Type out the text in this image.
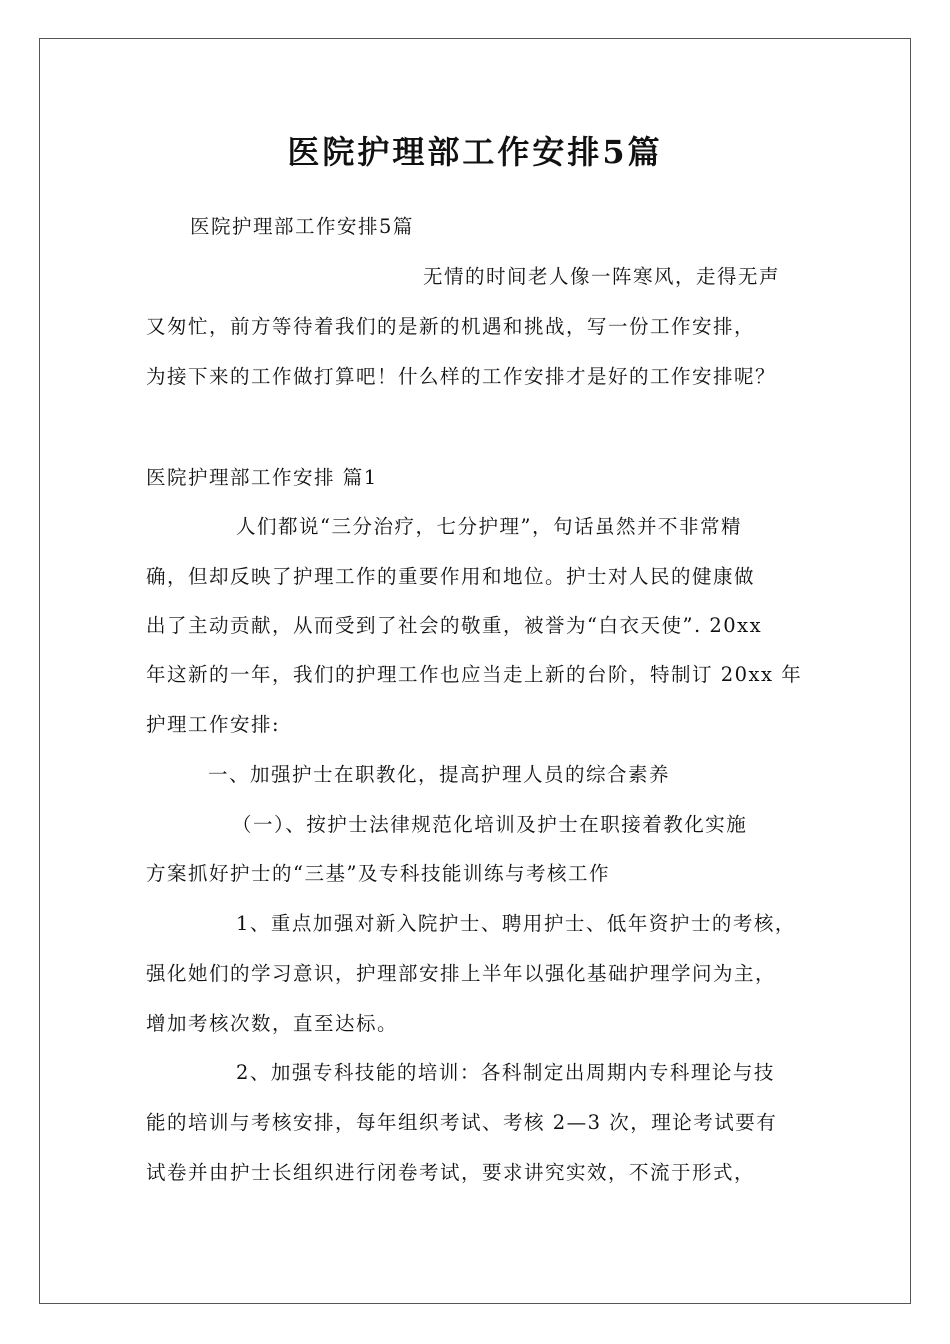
医院护理部工作安排5篇
医院护理部工作安排5篇
无情的时间老人像一阵寒风，走得无声
又匆忙，前方等待着我们的是新的机遇和挑战，写一份工作安排，
为接下来的工作做打算吧！什么样的工作安排才是好的工作安排呢？
医院护理部工作安排 篇1
人们都说“三分治疗，七分护理”，句话虽然并不非常精
确，但却反映了护理工作的重要作用和地位。护士对人民的健康做
出了主动贡献，从而受到了社会的敬重，被誉为“白衣天使”. 20xx
年这新的一年，我们的护理工作也应当走上新的台阶，特制订 20xx 年
护理工作安排:
一、加强护士在职教化，提高护理人员的综合素养
（一）、按护士法律规范化培训及护士在职接着教化实施
方案抓好护士的“三基”及专科技能训练与考核工作
1、重点加强对新入院护士、聘用护士、低年资护士的考核，
强化她们的学习意识，护理部安排上半年以强化基础护理学问为主，
增加考核次数，直至达标。
2、加强专科技能的培训：各科制定出周期内专科理论与技
能的培训与考核安排，每年组织考试、考核 2—3 次，理论考试要有
试卷并由护士长组织进行闭卷考试，要求讲究实效，不流于形式，
